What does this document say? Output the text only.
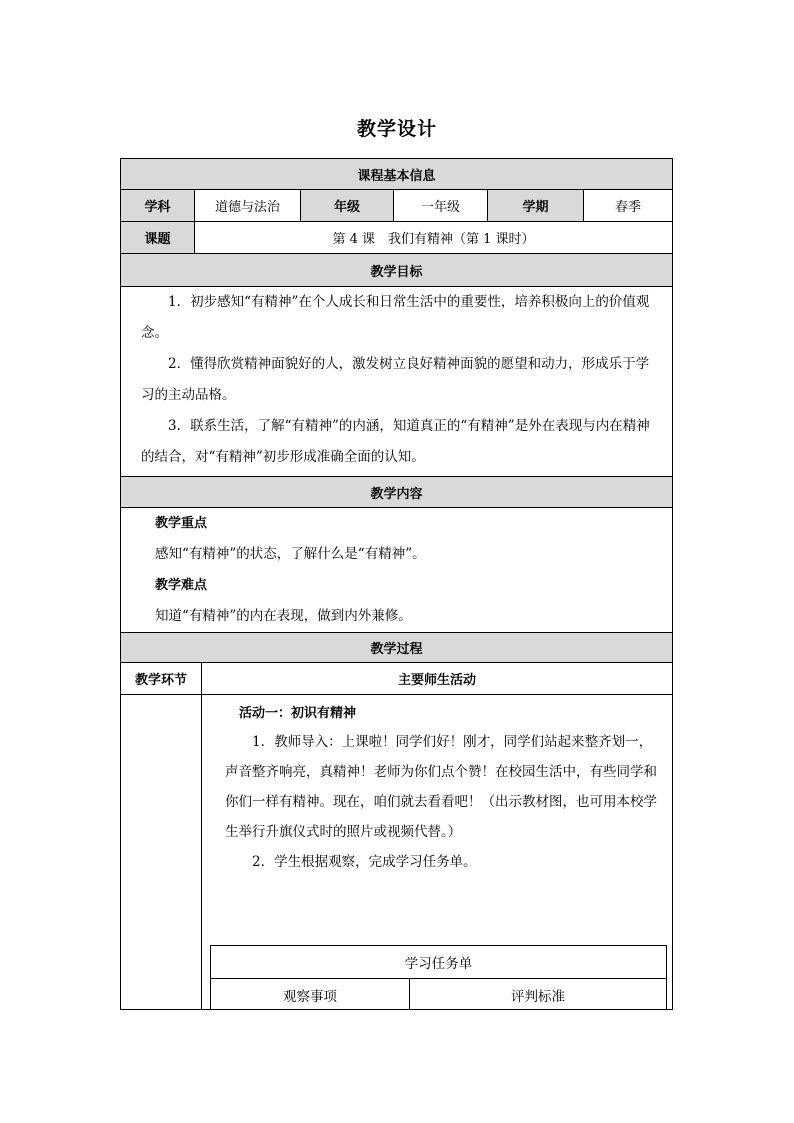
教学设计
课程基本信息
学科	道德与法治	年级	一年级	学期	春季
课题	第 4 课　我们有精神（第 1 课时）
教学目标

1．初步感知“有精神”在个人成长和日常生活中的重要性，培养积极向上的价值观念。

2．懂得欣赏精神面貌好的人，激发树立良好精神面貌的愿望和动力，形成乐于学习的主动品格。

3．联系生活，了解“有精神”的内涵，知道真正的“有精神”是外在表现与内在精神的结合，对“有精神”初步形成准确全面的认知。

教学内容

教学重点

感知“有精神”的状态，了解什么是“有精神”。

教学难点

知道“有精神”的内在表现，做到内外兼修。

教学过程
教学环节	主要师生活动

活动一：初识有精神

1．教师导入：上课啦！同学们好！刚才，同学们站起来整齐划一，声音整齐响亮，真精神！老师为你们点个赞！在校园生活中，有些同学和你们一样有精神。现在，咱们就去看看吧！（出示教材图，也可用本校学生举行升旗仪式时的照片或视频代替。）

2．学生根据观察，完成学习任务单。

学习任务单
观察事项	评判标准
